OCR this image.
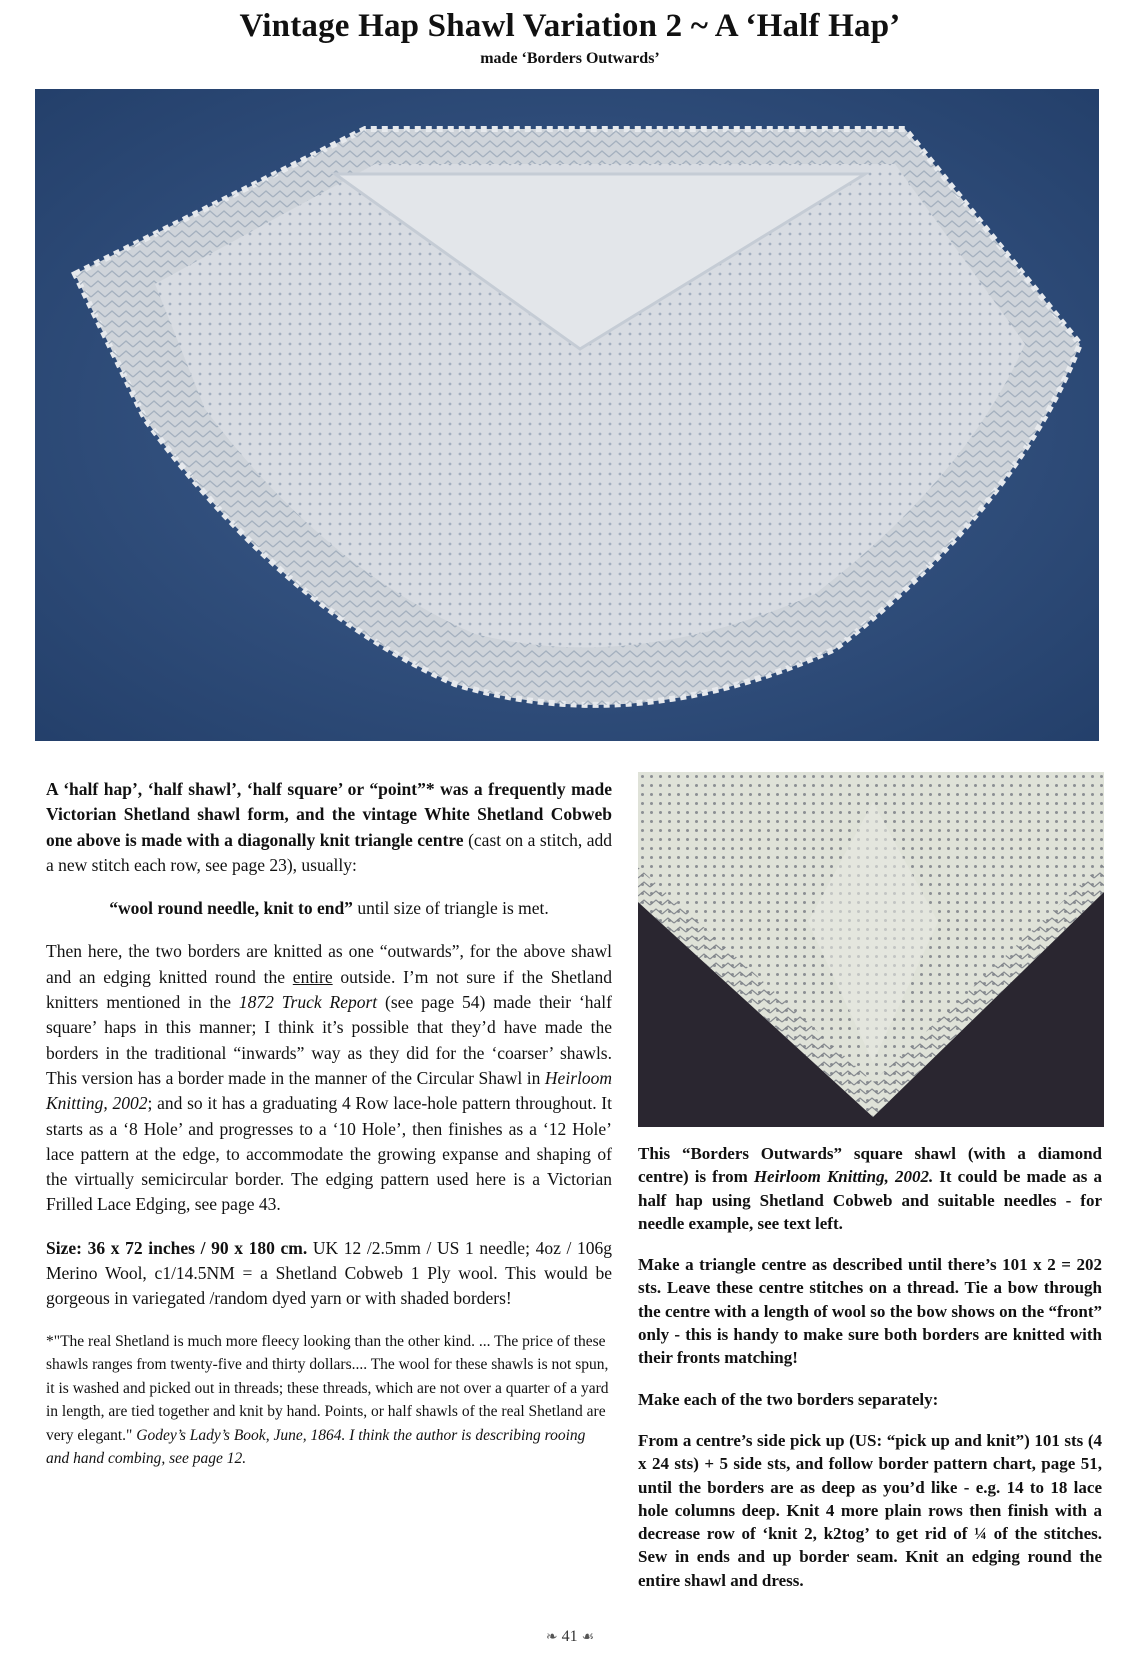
Vintage Hap Shawl Variation 2 ~ A ‘Half Hap’
made ‘Borders Outwards’

A ‘half hap’, ‘half shawl’, ‘half square’ or “point”* was a frequently made Victorian Shetland shawl form, and the vintage White Shetland Cobweb one above is made with a diagonally knit triangle centre (cast on a stitch, add a new stitch each row, see page 23), usually:

“wool round needle, knit to end” until size of triangle is met.

Then here, the two borders are knitted as one “outwards”, for the above shawl and an edging knitted round the entire outside. I’m not sure if the Shetland knitters mentioned in the 1872 Truck Report (see page 54) made their ‘half square’ haps in this manner; I think it’s possible that they’d have made the borders in the traditional “inwards” way as they did for the ‘coarser’ shawls. This version has a border made in the manner of the Circular Shawl in Heirloom Knitting, 2002; and so it has a graduating 4 Row lace-hole pattern throughout. It starts as a ‘8 Hole’ and progresses to a ‘10 Hole’, then finishes as a ‘12 Hole’ lace pattern at the edge, to accommodate the growing expanse and shaping of the virtually semicircular border. The edging pattern used here is a Victorian Frilled Lace Edging, see page 43.

Size: 36 x 72 inches / 90 x 180 cm. UK 12 /2.5mm / US 1 needle; 4oz / 106g Merino Wool, c1/14.5NM = a Shetland Cobweb 1 Ply wool. This would be gorgeous in variegated /random dyed yarn or with shaded borders!

*"The real Shetland is much more fleecy looking than the other kind. ... The price of these shawls ranges from twenty-five and thirty dollars.... The wool for these shawls is not spun, it is washed and picked out in threads; these threads, which are not over a quarter of a yard in length, are tied together and knit by hand. Points, or half shawls of the real Shetland are very elegant." Godey’s Lady’s Book, June, 1864. I think the author is describing rooing and hand combing, see page 12.

This “Borders Outwards” square shawl (with a diamond centre) is from Heirloom Knitting, 2002. It could be made as a half hap using Shetland Cobweb and suitable needles - for needle example, see text left.

Make a triangle centre as described until there’s 101 x 2 = 202 sts. Leave these centre stitches on a thread. Tie a bow through the centre with a length of wool so the bow shows on the “front” only - this is handy to make sure both borders are knitted with their fronts matching!

Make each of the two borders separately:

From a centre’s side pick up (US: “pick up and knit”) 101 sts (4 x 24 sts) + 5 side sts, and follow border pattern chart, page 51, until the borders are as deep as you’d like - e.g. 14 to 18 lace hole columns deep. Knit 4 more plain rows then finish with a decrease row of ‘knit 2, k2tog’ to get rid of ¼ of the stitches. Sew in ends and up border seam. Knit an edging round the entire shawl and dress.

❧ 41 ☙
